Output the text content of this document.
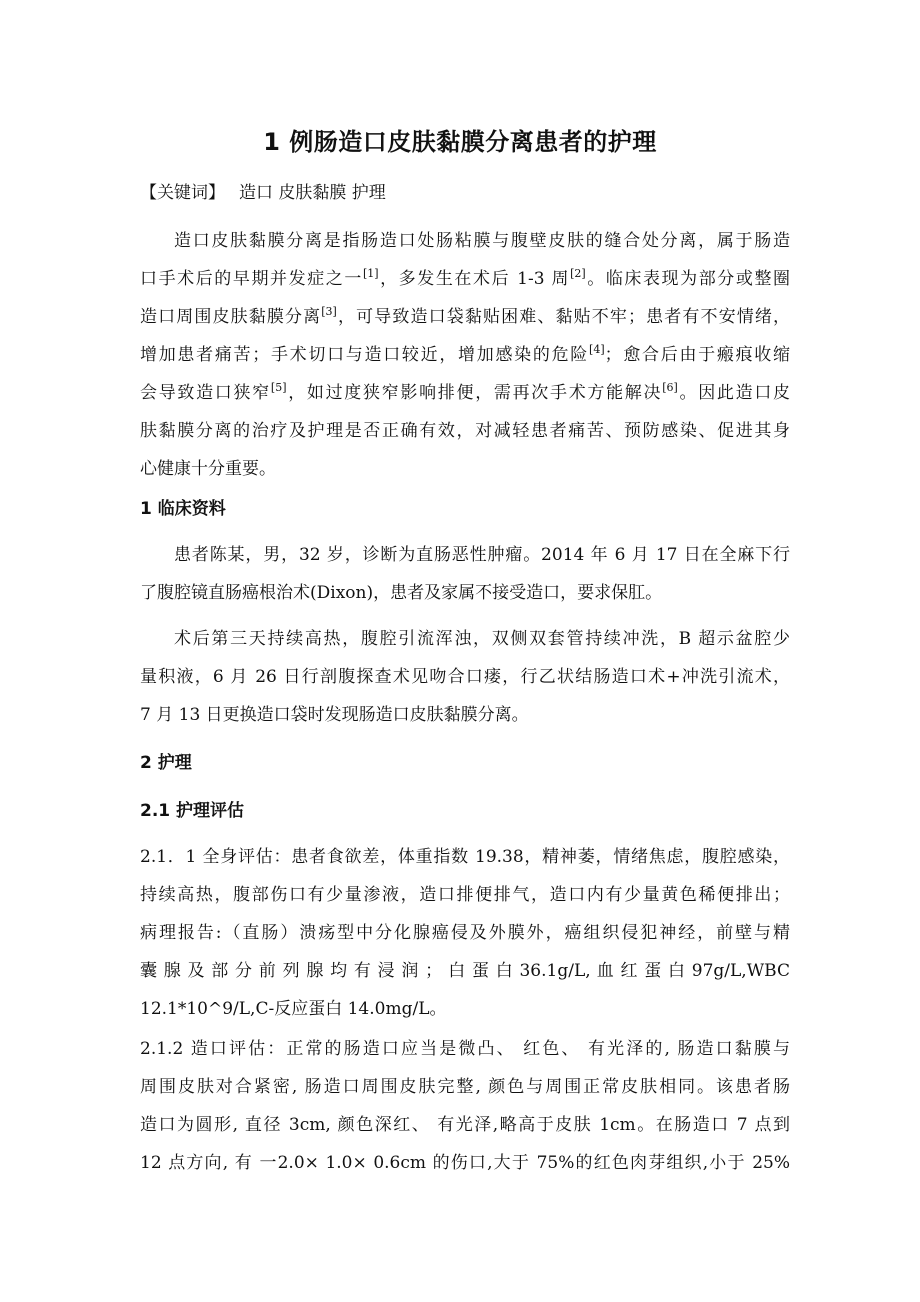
1 例肠造口皮肤黏膜分离患者的护理
【关键词】 造口 皮肤黏膜 护理
造口皮肤黏膜分离是指肠造口处肠粘膜与腹壁皮肤的缝合处分离，属于肠造
口手术后的早期并发症之一[1]，多发生在术后 1-3 周[2]。临床表现为部分或整圈
造口周围皮肤黏膜分离[3]，可导致造口袋黏贴困难、黏贴不牢；患者有不安情绪，
增加患者痛苦；手术切口与造口较近，增加感染的危险[4]；愈合后由于瘢痕收缩
会导致造口狭窄[5]，如过度狭窄影响排便，需再次手术方能解决[6]。因此造口皮
肤黏膜分离的治疗及护理是否正确有效，对减轻患者痛苦、预防感染、促进其身
心健康十分重要。
1 临床资料
患者陈某，男，32 岁，诊断为直肠恶性肿瘤。2014 年 6 月 17 日在全麻下行
了腹腔镜直肠癌根治术(Dixon)，患者及家属不接受造口，要求保肛。
术后第三天持续高热，腹腔引流浑浊，双侧双套管持续冲洗，B 超示盆腔少
量积液，6 月 26 日行剖腹探查术见吻合口瘘，行乙状结肠造口术+冲洗引流术，
7 月 13 日更换造口袋时发现肠造口皮肤黏膜分离。
2 护理
2.1 护理评估
2.1．1 全身评估：患者食欲差，体重指数 19.38，精神萎，情绪焦虑，腹腔感染，
持续高热，腹部伤口有少量渗液，造口排便排气，造口内有少量黄色稀便排出；
病理报告:（直肠）溃疡型中分化腺癌侵及外膜外，癌组织侵犯神经，前壁与精
囊 腺 及 部 分 前 列 腺 均 有 浸 润 ； 白 蛋 白 36.1g/L, 血 红 蛋 白 97g/L,WBC
12.1*10^9/L,C-反应蛋白 14.0mg/L。
2.1.2 造口评估：正常的肠造口应当是微凸、 红色、 有光泽的, 肠造口黏膜与
周围皮肤对合紧密, 肠造口周围皮肤完整, 颜色与周围正常皮肤相同。该患者肠
造口为圆形, 直径 3cm, 颜色深红、 有光泽,略高于皮肤 1cm。在肠造口 7 点到
12 点方向, 有 一2.0× 1.0× 0.6cm 的伤口,大于 75%的红色肉芽组织,小于 25%
